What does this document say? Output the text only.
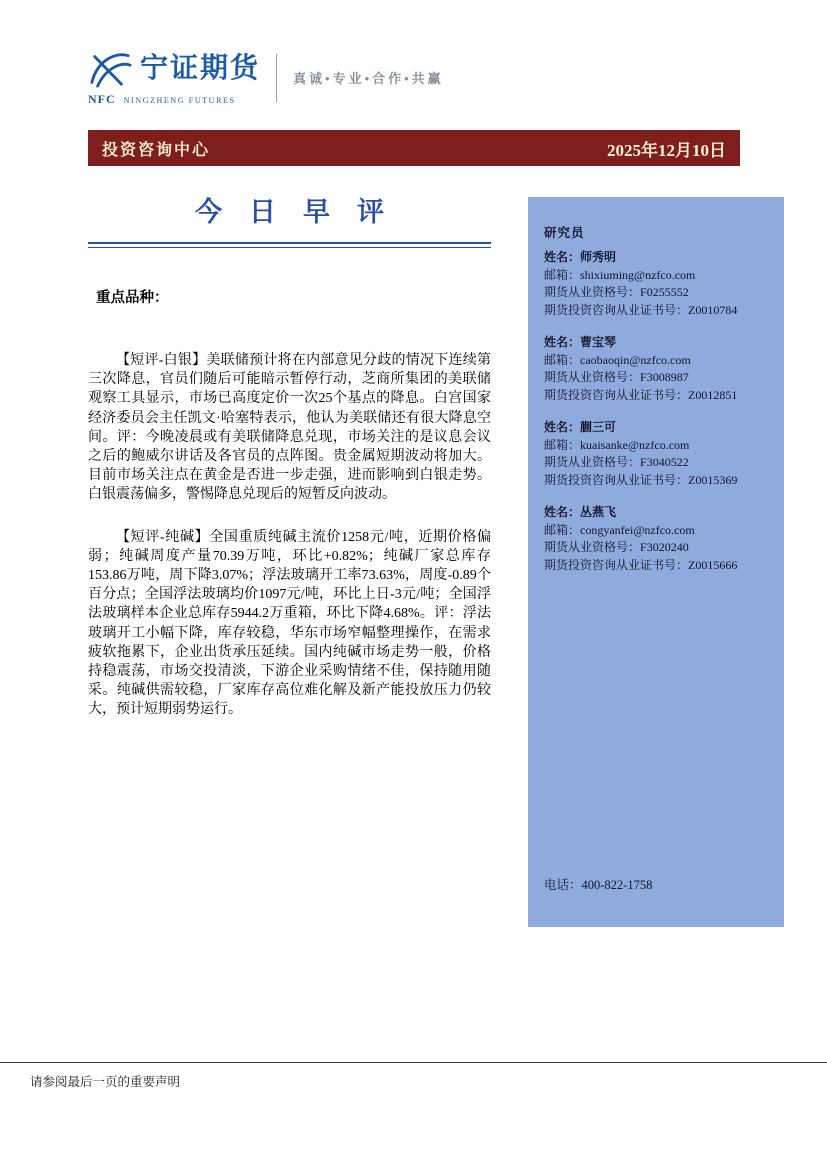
宁证期货
NFC NINGZHENG FUTURES
真诚•专业•合作•共赢
投资咨询中心	2025年12月10日
今　日　早　评
重点品种：

【短评-白银】美联储预计将在内部意见分歧的情况下连续第三次降息，官员们随后可能暗示暂停行动，芝商所集团的美联储观察工具显示，市场已高度定价一次25个基点的降息。白宫国家经济委员会主任凯文·哈塞特表示，他认为美联储还有很大降息空间。评：今晚凌晨或有美联储降息兑现，市场关注的是议息会议之后的鲍威尔讲话及各官员的点阵图。贵金属短期波动将加大。目前市场关注点在黄金是否进一步走强，进而影响到白银走势。白银震荡偏多，警惕降息兑现后的短暂反向波动。

【短评-纯碱】全国重质纯碱主流价1258元/吨，近期价格偏弱；纯碱周度产量70.39万吨，环比+0.82%；纯碱厂家总库存153.86万吨，周下降3.07%；浮法玻璃开工率73.63%，周度-0.89个百分点；全国浮法玻璃均价1097元/吨，环比上日-3元/吨；全国浮法玻璃样本企业总库存5944.2万重箱，环比下降4.68%。评：浮法玻璃开工小幅下降，库存较稳，华东市场窄幅整理操作，在需求疲软拖累下，企业出货承压延续。国内纯碱市场走势一般，价格持稳震荡，市场交投清淡，下游企业采购情绪不佳，保持随用随采。纯碱供需较稳，厂家库存高位难化解及新产能投放压力仍较大，预计短期弱势运行。

研究员
姓名：师秀明
邮箱：shixiuming@nzfco.com
期货从业资格号：F0255552
期货投资咨询从业证书号：Z0010784
姓名：曹宝琴
邮箱：caobaoqin@nzfco.com
期货从业资格号：F3008987
期货投资咨询从业证书号：Z0012851
姓名：蒯三可
邮箱：kuaisanke@nzfco.com
期货从业资格号：F3040522
期货投资咨询从业证书号：Z0015369
姓名：丛燕飞
邮箱：congyanfei@nzfco.com
期货从业资格号：F3020240
期货投资咨询从业证书号：Z0015666
电话：400-822-1758
请参阅最后一页的重要声明
